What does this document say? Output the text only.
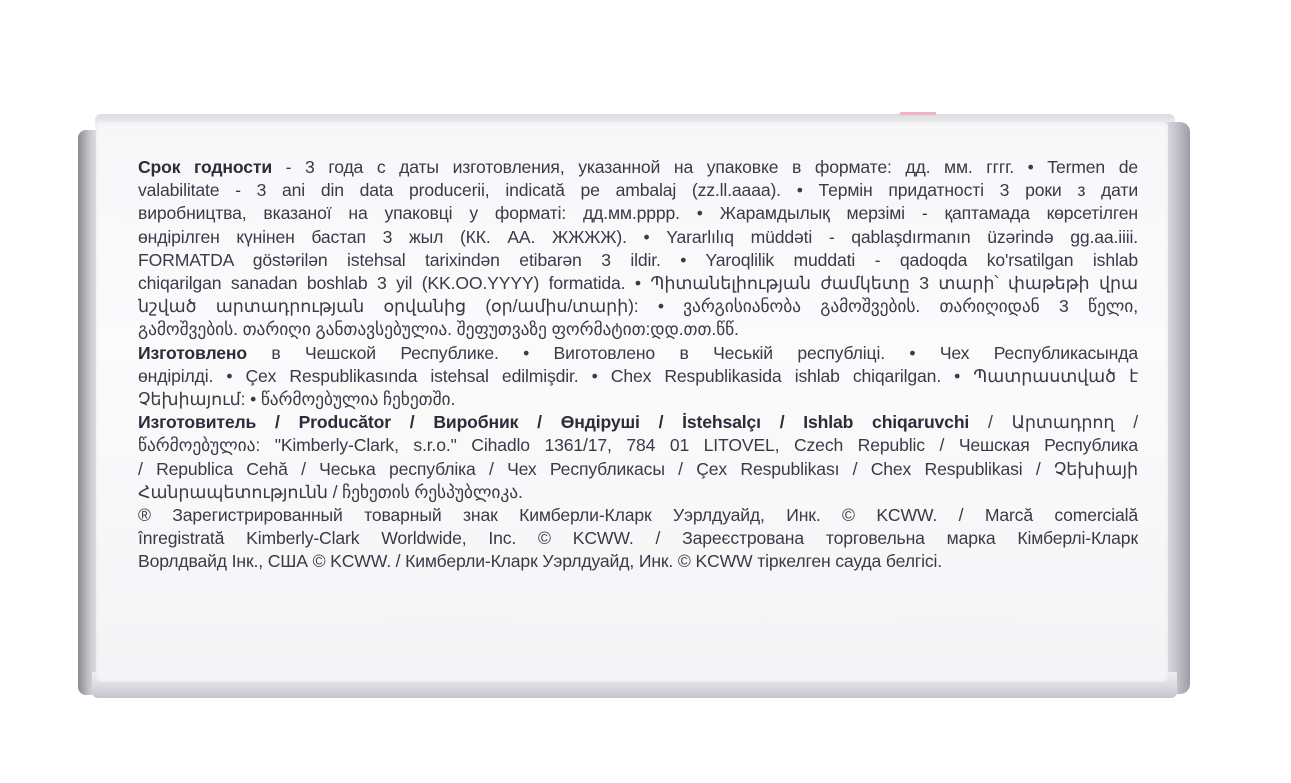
Срок годности - 3 года с даты изготовления, указанной на упаковке в формате: дд. мм. гггг. • Termen de
valabilitate - 3 ani din data producerii, indicată pe ambalaj (zz.ll.aaaa). • Термін придатності 3 роки з дати
виробництва, вказаної на упаковці у форматі: дд.мм.рррр. • Жарамдылық мерзімі - қаптамада көрсетілген
өндірілген күнінен бастап 3 жыл (КК. АА. ЖЖЖЖ). • Yararlılıq müddəti - qablaşdırmanın üzərində gg.aa.iiii.
FORMATDA göstərilən istehsal tarixindən etibarən 3 ildir. • Yaroqlilik muddati - qadoqda ko'rsatilgan ishlab
chiqarilgan sanadan boshlab 3 yil (KK.OO.YYYY) formatida. • Պիտանելիության ժամկետը 3 տարի՝ փաթեթի վրա
նշված արտադրության օրվանից (օր/ամիս/տարի): • ვარგისიანობა გამოშვების. თარიღიდან 3 წელი,
გამოშვების. თარიღი განთავსებულია. შეფუთვაზე ფორმატით:დდ.თთ.წწ.
Изготовлено в Чешской Республике. • Виготовлено в Чеській республіці. • Чех Республикасында
өндірілді. • Çex Respublikasında istehsal edilmişdir. • Chex Respublikasida ishlab chiqarilgan. • Պատրաստված է
Չեխիայում: • წარმოებულია ჩეხეთში.
Изготовитель / Producător / Виробник / Өндіруші / İstehsalçı / Ishlab chiqaruvchi / Արտադրող /
წარმოებულია: "Kimberly-Clark, s.r.o." Cihadlo 1361/17, 784 01 LITOVEL, Czech Republic / Чешская Республика
/ Republica Cehă / Чеська республіка / Чех Республикасы / Çex Respublikası / Chex Respublikasi / Չեխիայի
Հանրապետությունն / ჩეხეთის რესპუბლიკა.
® Зарегистрированный товарный знак Кимберли-Кларк Уэрлдуайд, Инк. © KCWW. / Marcă comercială
înregistrată Kimberly-Clark Worldwide, Inc. © KCWW. / Зареєстрована торговельна марка Кімберлі-Кларк
Ворлдвайд Інк., США © KCWW. / Кимберли-Кларк Уэрлдуайд, Инк. © KCWW тіркелген сауда белгісі.
